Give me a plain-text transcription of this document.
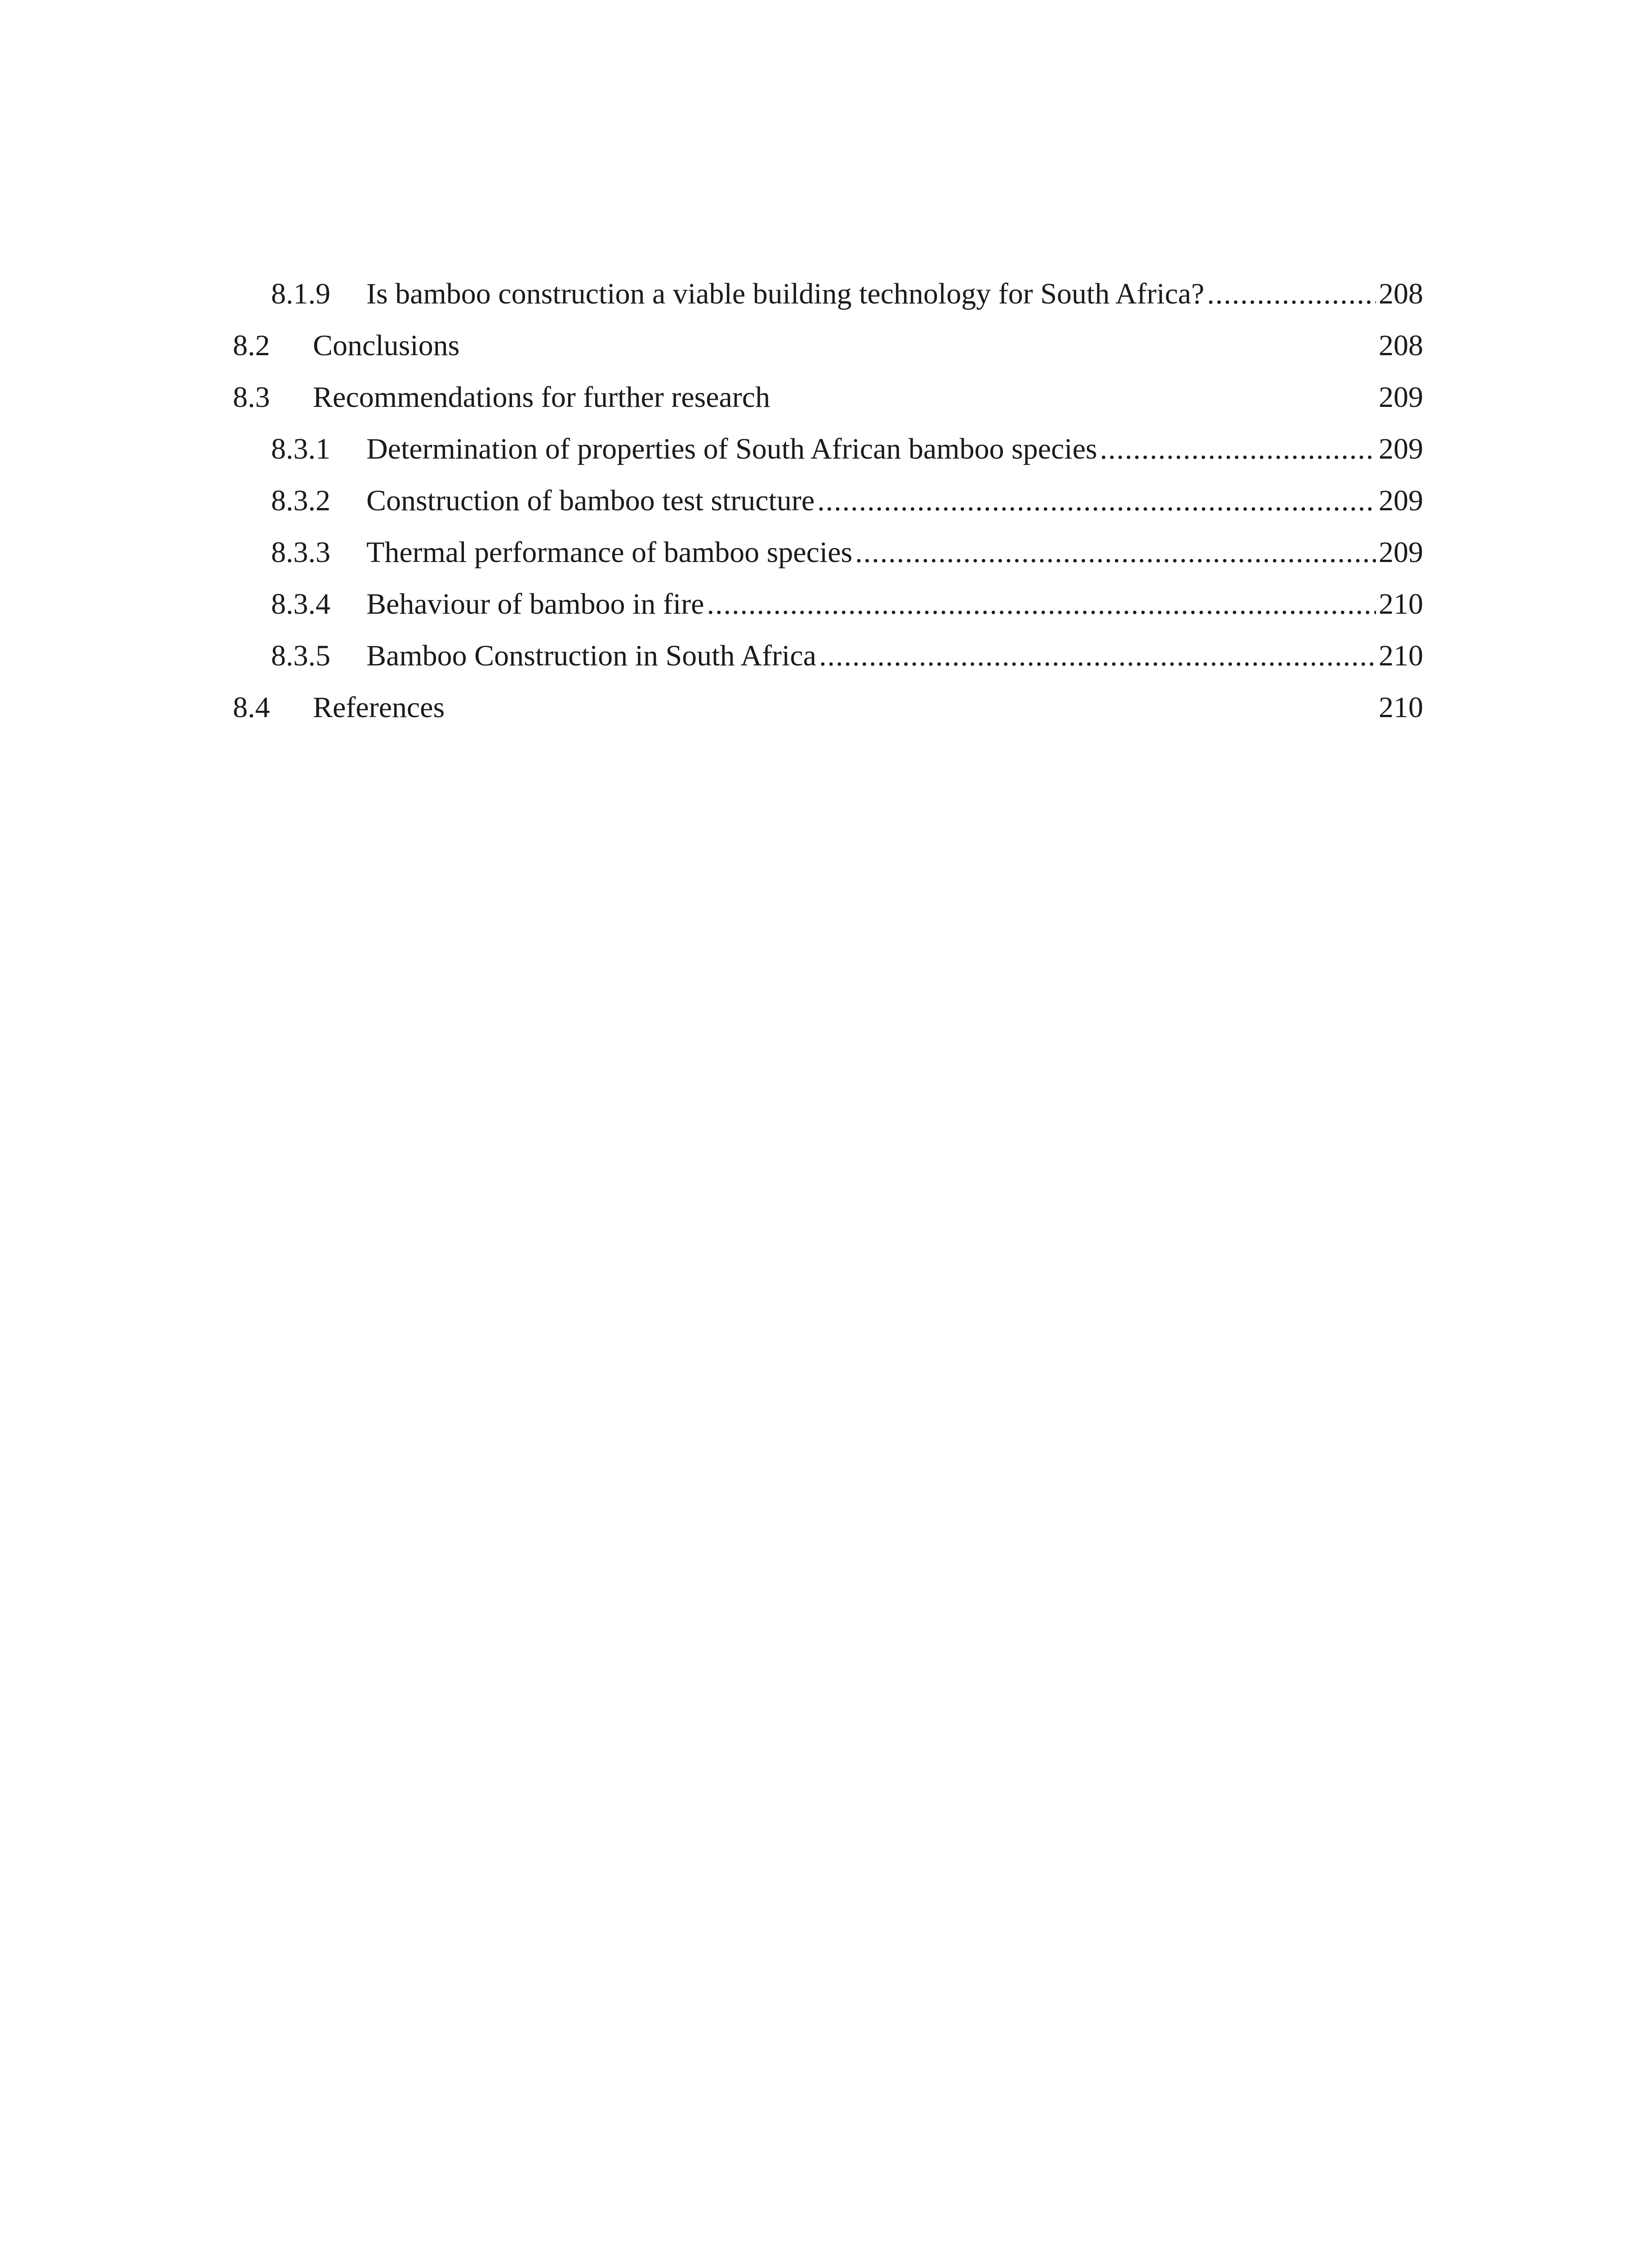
8.1.9 Is bamboo construction a viable building technology for South Africa? .....	208
8.2 Conclusions	208
8.3 Recommendations for further research	209
8.3.1 Determination of properties of South African bamboo species .....	209
8.3.2 Construction of bamboo test structure .....	209
8.3.3 Thermal performance of bamboo species .....	209
8.3.4 Behaviour of bamboo in fire .....	210
8.3.5 Bamboo Construction in South Africa .....	210
8.4 References	210
